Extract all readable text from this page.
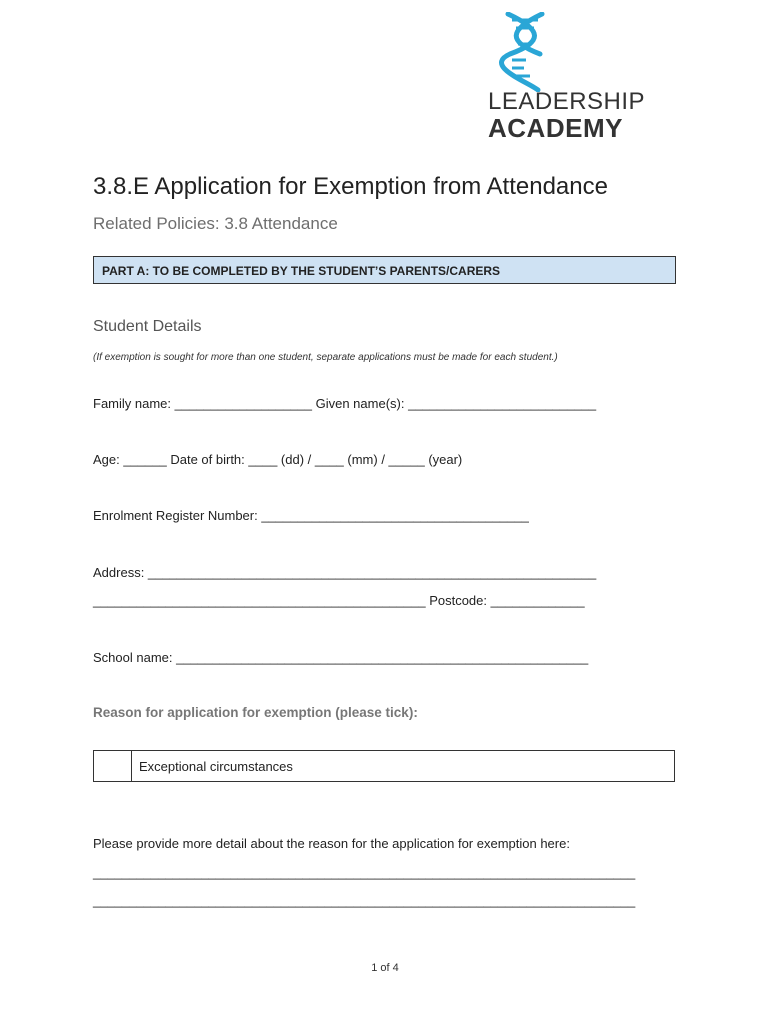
LEADERSHIP
ACADEMY
3.8.E Application for Exemption from Attendance
Related Policies: 3.8 Attendance
PART A: TO BE COMPLETED BY THE STUDENT’S PARENTS/CARERS
Student Details
(If exemption is sought for more than one student, separate applications must be made for each student.)
Family name: ___________________ Given name(s): __________________________
Age: ______ Date of birth: ____ (dd) / ____ (mm) / _____ (year)
Enrolment Register Number: _____________________________________
Address: ______________________________________________________________
______________________________________________ Postcode: _____________
School name: _________________________________________________________
Reason for application for exemption (please tick):
Exceptional circumstances
Please provide more detail about the reason for the application for exemption here:
___________________________________________________________________________
___________________________________________________________________________
1 of 4
